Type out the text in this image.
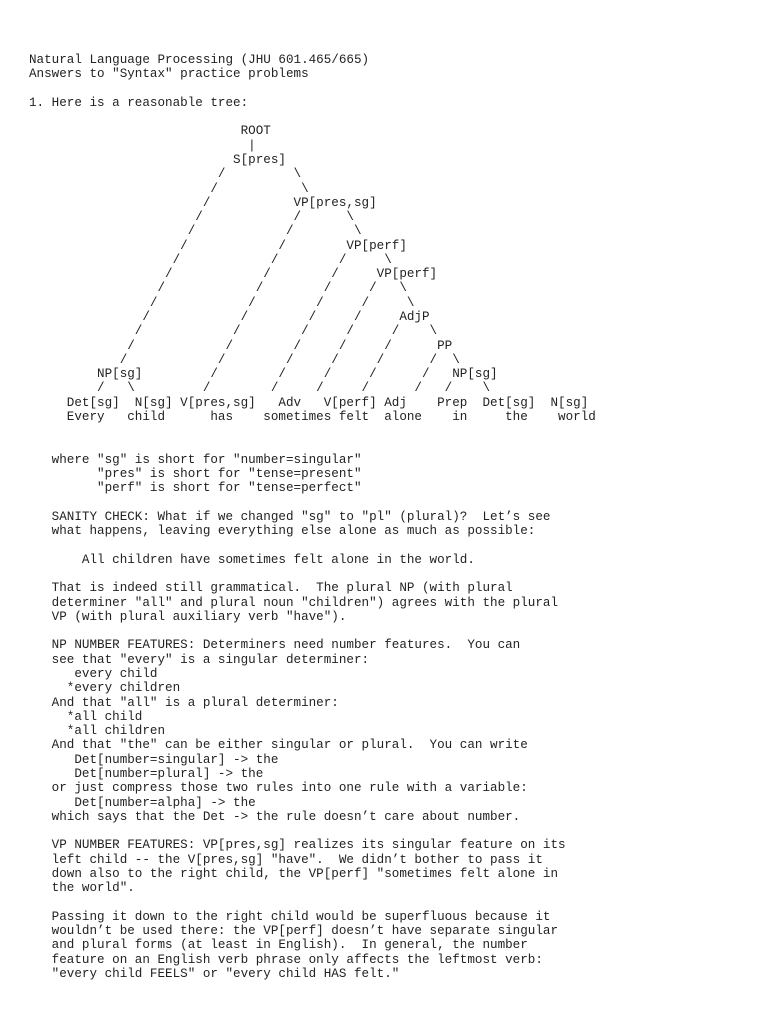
Natural Language Processing (JHU 601.465/665)
Answers to "Syntax" practice problems
1. Here is a reasonable tree:
ROOT
|
S[pres]
/         \
/           \
/           VP[pres,sg]
/            /      \
/            /        \
/            /        VP[perf]
/            /        /     \
/            /        /     VP[perf]
/            /        /     /   \
/            /        /     /     \
/            /        /     /     AdjP
/            /        /     /     /    \
/            /        /     /     /      PP
/            /        /     /     /      /  \
NP[sg]         /        /     /     /      /   NP[sg]
/   \         /        /     /     /      /   /    \
Det[sg]  N[sg] V[pres,sg]   Adv   V[perf] Adj    Prep  Det[sg]  N[sg]
Every   child      has    sometimes felt  alone    in     the    world
where "sg" is short for "number=singular"
"pres" is short for "tense=present"
"perf" is short for "tense=perfect"
SANITY CHECK: What if we changed "sg" to "pl" (plural)?  Let’s see
what happens, leaving everything else alone as much as possible:
All children have sometimes felt alone in the world.
That is indeed still grammatical.  The plural NP (with plural
determiner "all" and plural noun "children") agrees with the plural
VP (with plural auxiliary verb "have").
NP NUMBER FEATURES: Determiners need number features.  You can
see that "every" is a singular determiner:
every child
*every children
And that "all" is a plural determiner:
*all child
*all children
And that "the" can be either singular or plural.  You can write
Det[number=singular] -> the
Det[number=plural] -> the
or just compress those two rules into one rule with a variable:
Det[number=alpha] -> the
which says that the Det -> the rule doesn’t care about number.
VP NUMBER FEATURES: VP[pres,sg] realizes its singular feature on its
left child -- the V[pres,sg] "have".  We didn’t bother to pass it
down also to the right child, the VP[perf] "sometimes felt alone in
the world".
Passing it down to the right child would be superfluous because it
wouldn’t be used there: the VP[perf] doesn’t have separate singular
and plural forms (at least in English).  In general, the number
feature on an English verb phrase only affects the leftmost verb:
"every child FEELS" or "every child HAS felt."
